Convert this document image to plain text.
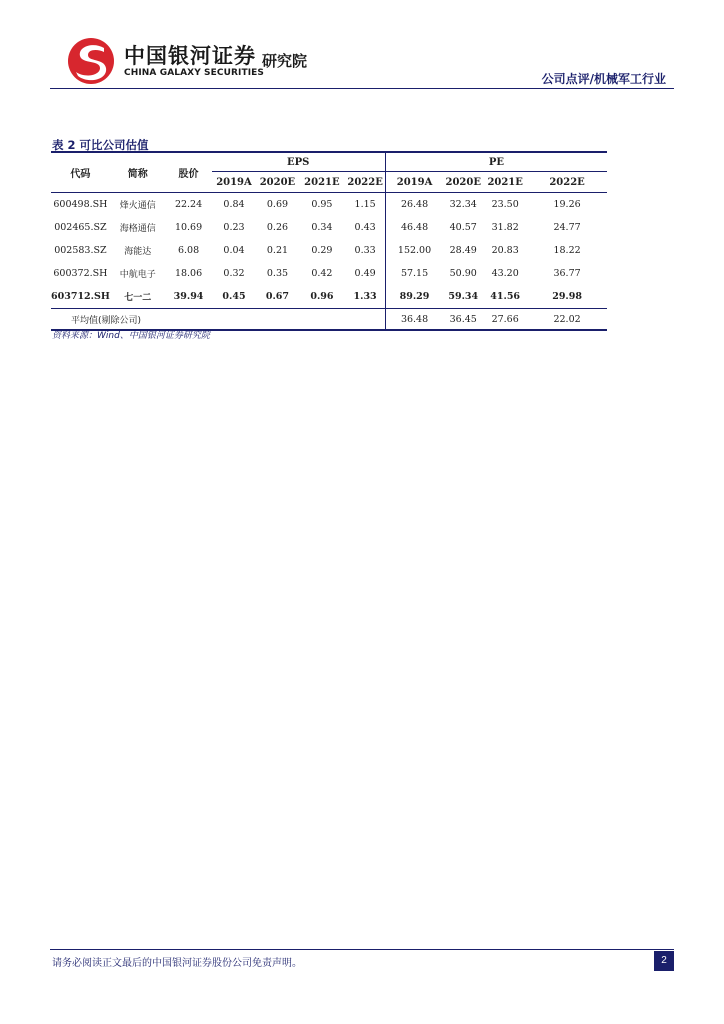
中国银河证券
CHINA GALAXY SECURITIES
研究院
公司点评/机械军工行业
表 2 可比公司估值
代码	简称	股价	EPS				PE			
			2019A	2020E	2021E	2022E	2019A	2020E	2021E	2022E
600498.SH	烽火通信	22.24	0.84	0.69	0.95	1.15	26.48	32.34	23.50	19.26
002465.SZ	海格通信	10.69	0.23	0.26	0.34	0.43	46.48	40.57	31.82	24.77
002583.SZ	海能达	6.08	0.04	0.21	0.29	0.33	152.00	28.49	20.83	18.22
600372.SH	中航电子	18.06	0.32	0.35	0.42	0.49	57.15	50.90	43.20	36.77
603712.SH	七一二	39.94	0.45	0.67	0.96	1.33	89.29	59.34	41.56	29.98
平均值(剔除公司)							36.48	36.45	27.66	22.02
资料来源：Wind、中国银河证券研究院
请务必阅读正文最后的中国银河证券股份公司免责声明。	2
